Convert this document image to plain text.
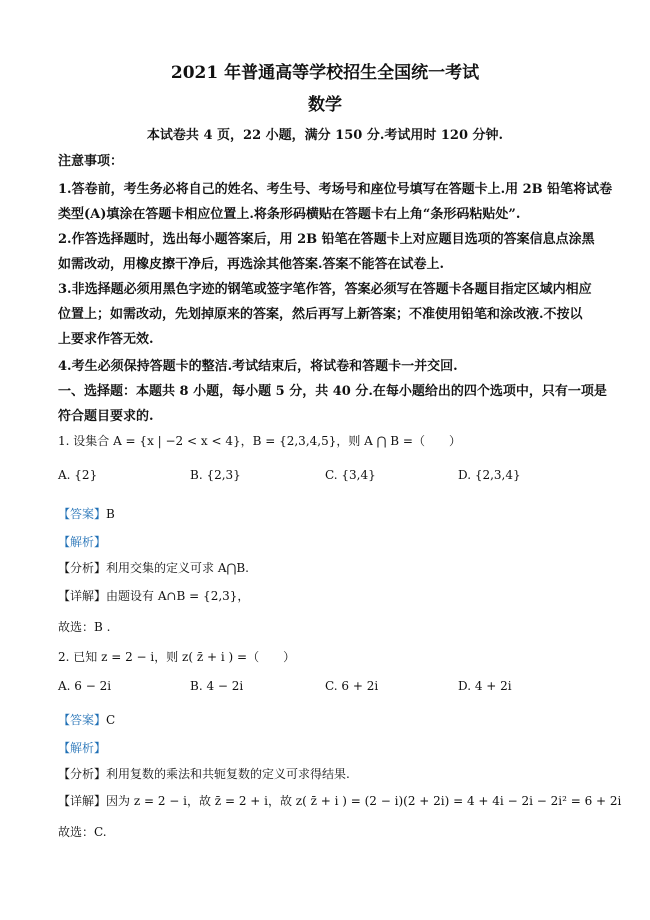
2021 年普通高等学校招生全国统一考试
数学
本试卷共 4 页，22 小题，满分 150 分.考试用时 120 分钟.
注意事项：
1.答卷前，考生务必将自己的姓名、考生号、考场号和座位号填写在答题卡上.用 2B 铅笔将试卷
类型(A)填涂在答题卡相应位置上.将条形码横贴在答题卡右上角“条形码粘贴处”.
2.作答选择题时，选出每小题答案后，用 2B 铅笔在答题卡上对应题目选项的答案信息点涂黑
如需改动，用橡皮擦干净后，再选涂其他答案.答案不能答在试卷上.
3.非选择题必须用黑色字迹的钢笔或签字笔作答，答案必须写在答题卡各题目指定区域内相应
位置上；如需改动，先划掉原来的答案，然后再写上新答案；不准使用铅笔和涂改液.不按以
上要求作答无效.
4.考生必须保持答题卡的整洁.考试结束后，将试卷和答题卡一并交回.
一、选择题：本题共 8 小题，每小题 5 分，共 40 分.在每小题给出的四个选项中，只有一项是
符合题目要求的.
1. 设集合 A = {x | −2 < x < 4}，B = {2,3,4,5}，则 A ⋂ B =（　　）
A. {2}	B. {2,3}	C. {3,4}	D. {2,3,4}
【答案】B
【解析】
【分析】利用交集的定义可求 A⋂B.
【详解】由题设有 A∩B = {2,3}，
故选：B .
2. 已知 z = 2 − i，则 z( z̄ + i ) =（　　）
A. 6 − 2i	B. 4 − 2i	C. 6 + 2i	D. 4 + 2i
【答案】C
【解析】
【分析】利用复数的乘法和共轭复数的定义可求得结果.
【详解】因为 z = 2 − i，故 z̄ = 2 + i，故 z( z̄ + i ) = (2 − i)(2 + 2i) = 4 + 4i − 2i − 2i² = 6 + 2i
故选：C.
